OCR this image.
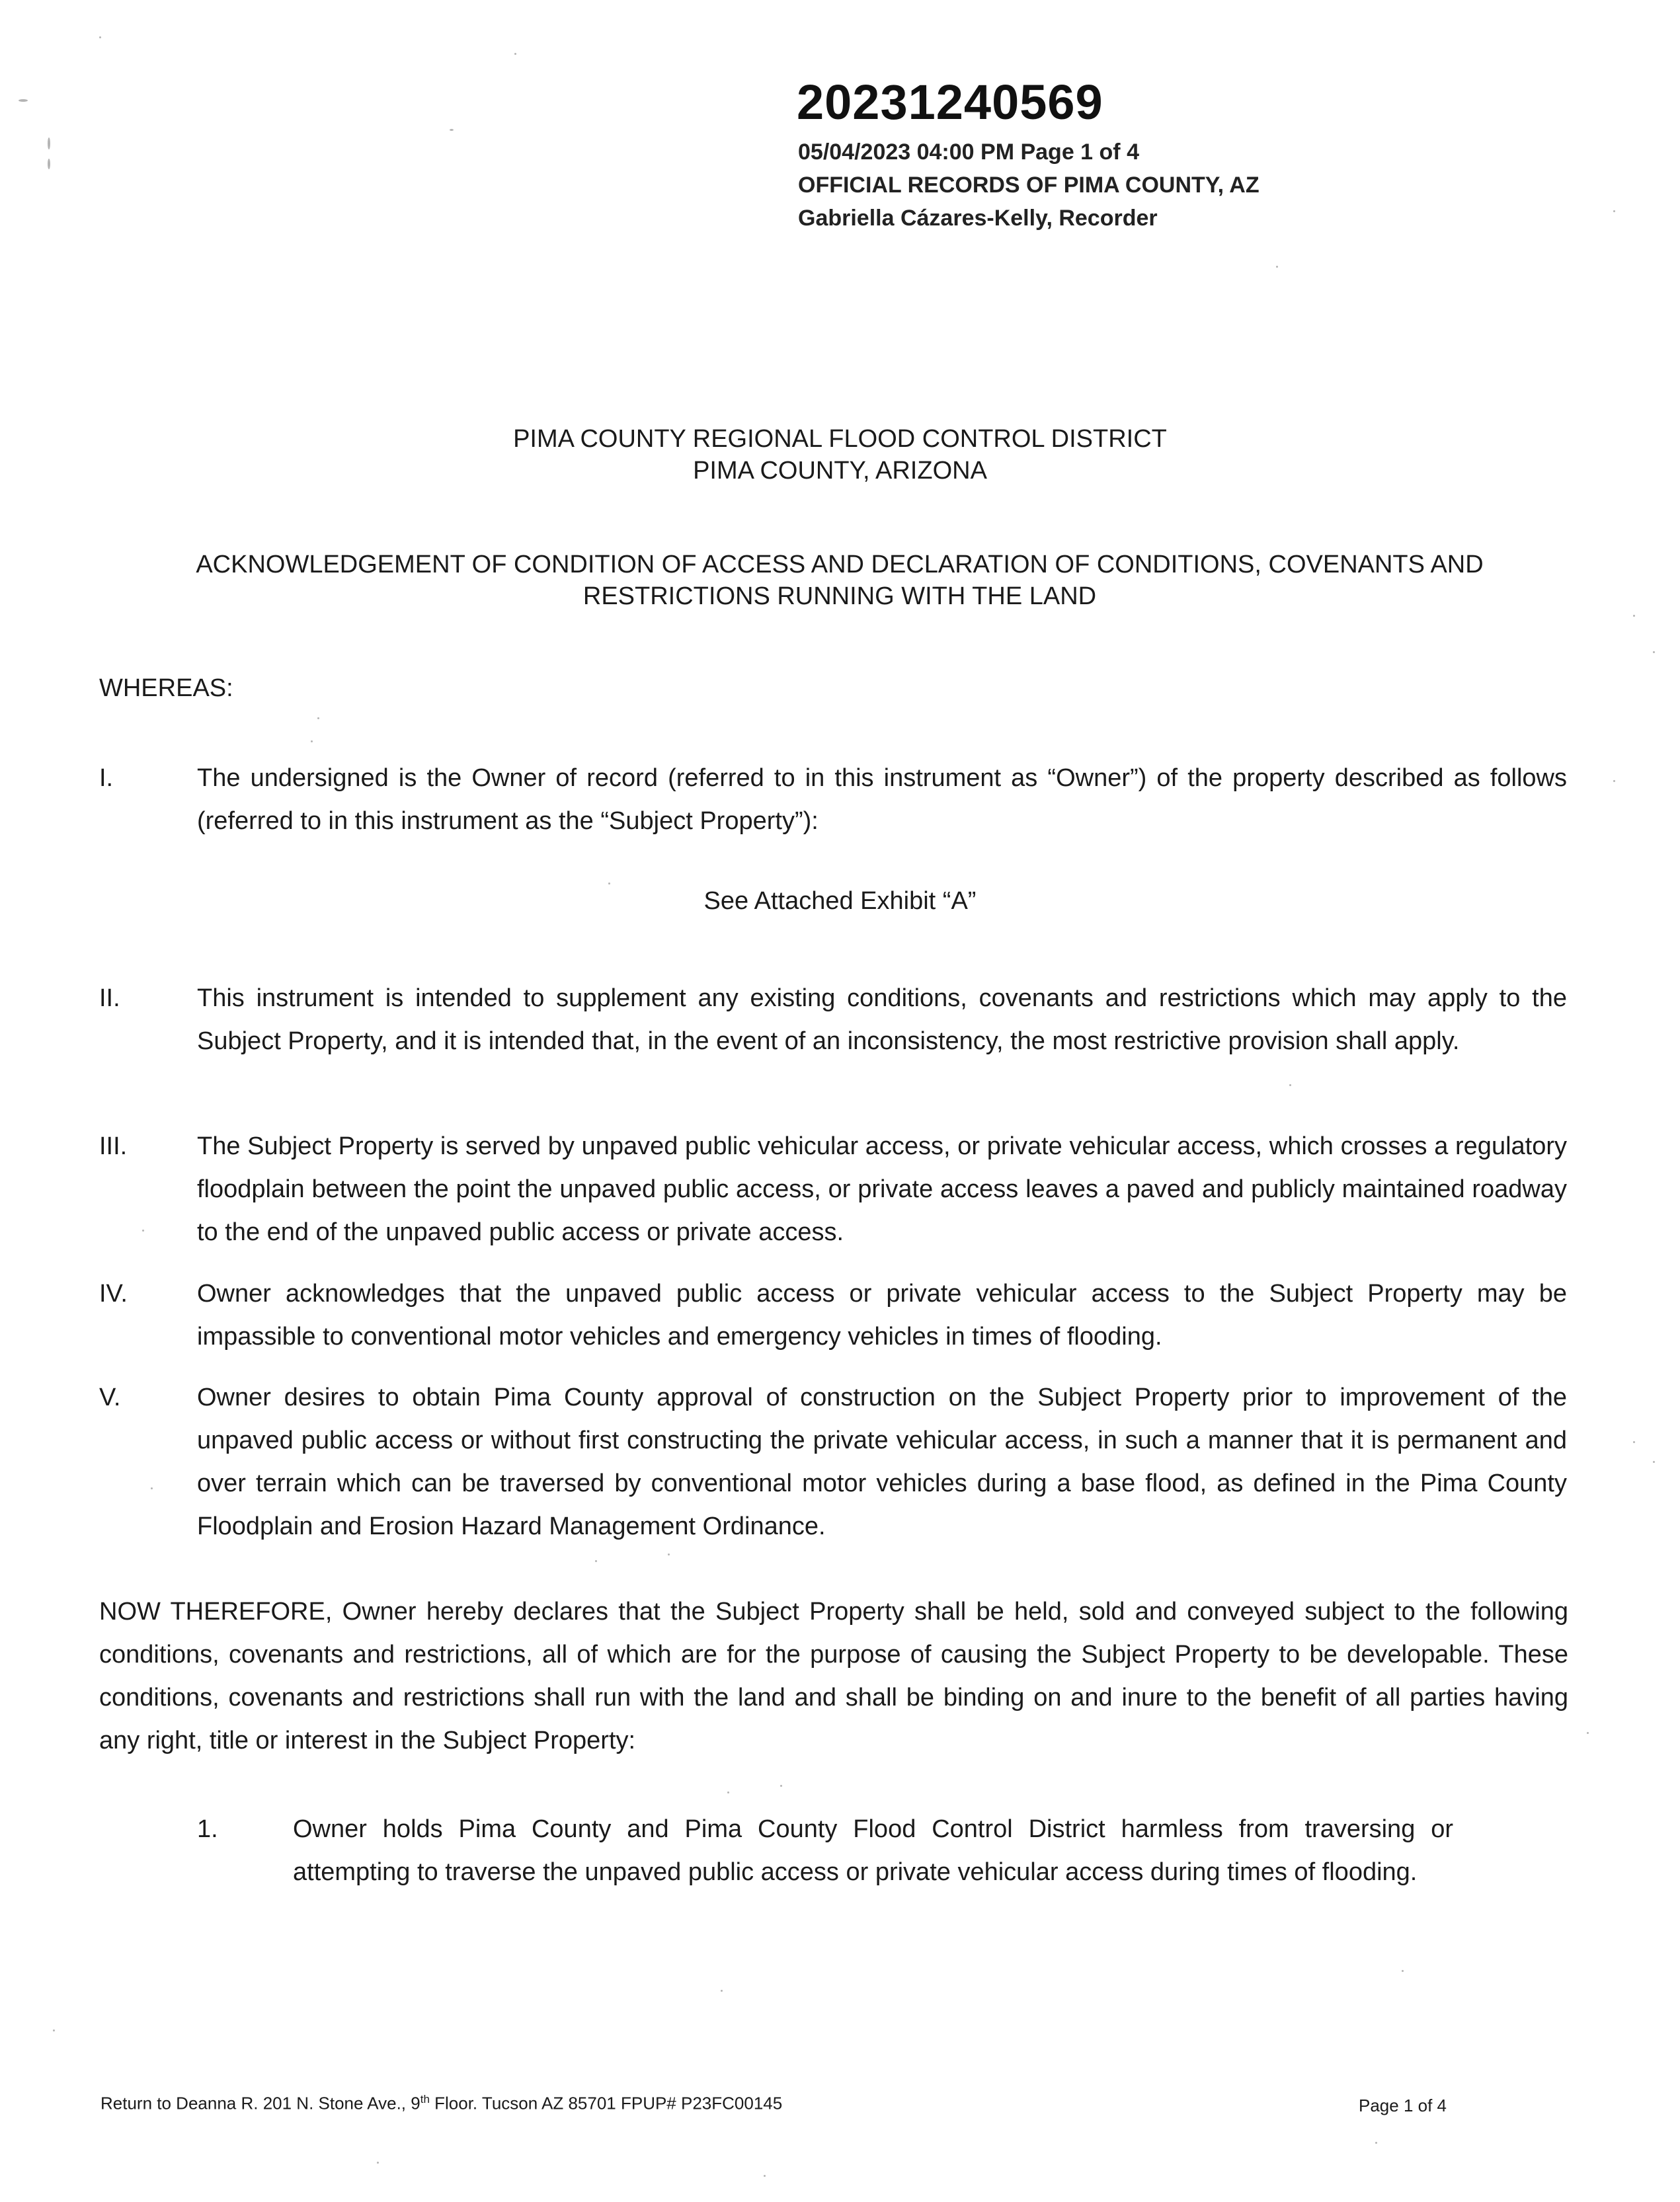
20231240569
05/04/2023 04:00 PM Page 1 of 4
OFFICIAL RECORDS OF PIMA COUNTY, AZ
Gabriella Cázares-Kelly, Recorder
PIMA COUNTY REGIONAL FLOOD CONTROL DISTRICT
PIMA COUNTY, ARIZONA
ACKNOWLEDGEMENT OF CONDITION OF ACCESS AND DECLARATION OF CONDITIONS, COVENANTS AND
RESTRICTIONS RUNNING WITH THE LAND
WHEREAS:
I.	The undersigned is the Owner of record (referred to in this instrument as “Owner”) of the property described as follows (referred to in this instrument as the “Subject Property”):
See Attached Exhibit “A”
II.	This instrument is intended to supplement any existing conditions, covenants and restrictions which may apply to the Subject Property, and it is intended that, in the event of an inconsistency, the most restrictive provision shall apply.
III.	The Subject Property is served by unpaved public vehicular access, or private vehicular access, which crosses a regulatory floodplain between the point the unpaved public access, or private access leaves a paved and publicly maintained roadway to the end of the unpaved public access or private access.
IV.	Owner acknowledges that the unpaved public access or private vehicular access to the Subject Property may be impassible to conventional motor vehicles and emergency vehicles in times of flooding.
V.	Owner desires to obtain Pima County approval of construction on the Subject Property prior to improvement of the unpaved public access or without first constructing the private vehicular access, in such a manner that it is permanent and over terrain which can be traversed by conventional motor vehicles during a base flood, as defined in the Pima County Floodplain and Erosion Hazard Management Ordinance.
NOW THEREFORE, Owner hereby declares that the Subject Property shall be held, sold and conveyed subject to the following conditions, covenants and restrictions, all of which are for the purpose of causing the Subject Property to be developable. These conditions, covenants and restrictions shall run with the land and shall be binding on and inure to the benefit of all parties having any right, title or interest in the Subject Property:
1.	Owner holds Pima County and Pima County Flood Control District harmless from traversing or attempting to traverse the unpaved public access or private vehicular access during times of flooding.
Return to Deanna R. 201 N. Stone Ave., 9th Floor. Tucson AZ 85701 FPUP# P23FC00145	Page 1 of 4
